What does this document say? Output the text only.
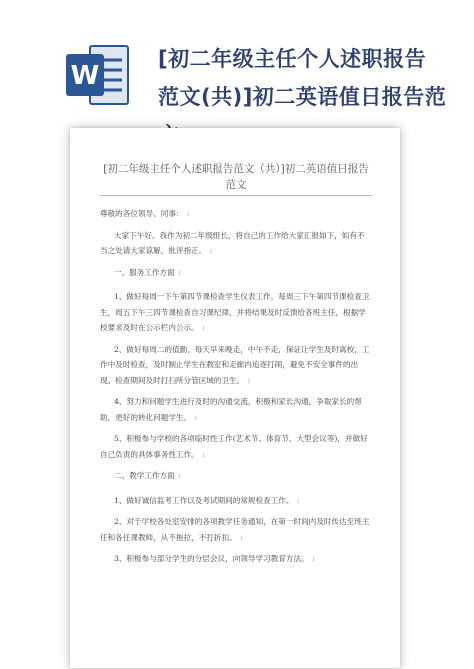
W
[初二年级主任个人述职报告
范文(共)]初二英语值日报告范
[初二年级主任个人述职报告范文（共）]初二英语值日报告范文

尊敬的各位领导、同事： ↓

大家下午好。我作为初二年级组长，将自己的工作给大家汇报如下，如有不当之处请大家谅解，批评指正。 ↓

一、服务工作方面 ↓

1、做好每周一下午第四节课检查学生仪表工作，每周三下午第四节课检查卫生，周五下午三四节课检查自习课纪律，并将结果及时反馈给各班主任，根据学校要求及时在公示栏内公示。 ↓

2、做好每周二的值勤，每天早来晚走，中午不走，保证让学生及时离校，工作中及时检查，及时制止学生在教室和走廊内追逐打闹，避免不安全事件的出现。检查期间及时打扫所分管区域的卫生。 ↓

4、努力和问题学生进行及时的沟通交流，积极和家长沟通，争取家长的帮助，更好的转化问题学生。 ↓

5、积极参与学校的各项临时性工作(艺术节、体育节、大型会议等)，并做好自己负责的具体事务性工作。 ↓

二、教学工作方面 ↓

1、做好诚信监考工作以及考试期间的常规检查工作。 ↓

2、对于学校各处室安排的各项教学任务通知，在第一时间内及时传达至班主任和各任课教师，从不拖拉，不打折扣。 ↓

3、积极参与部分学生的分层会议，向领导学习教育方法。 ↓
